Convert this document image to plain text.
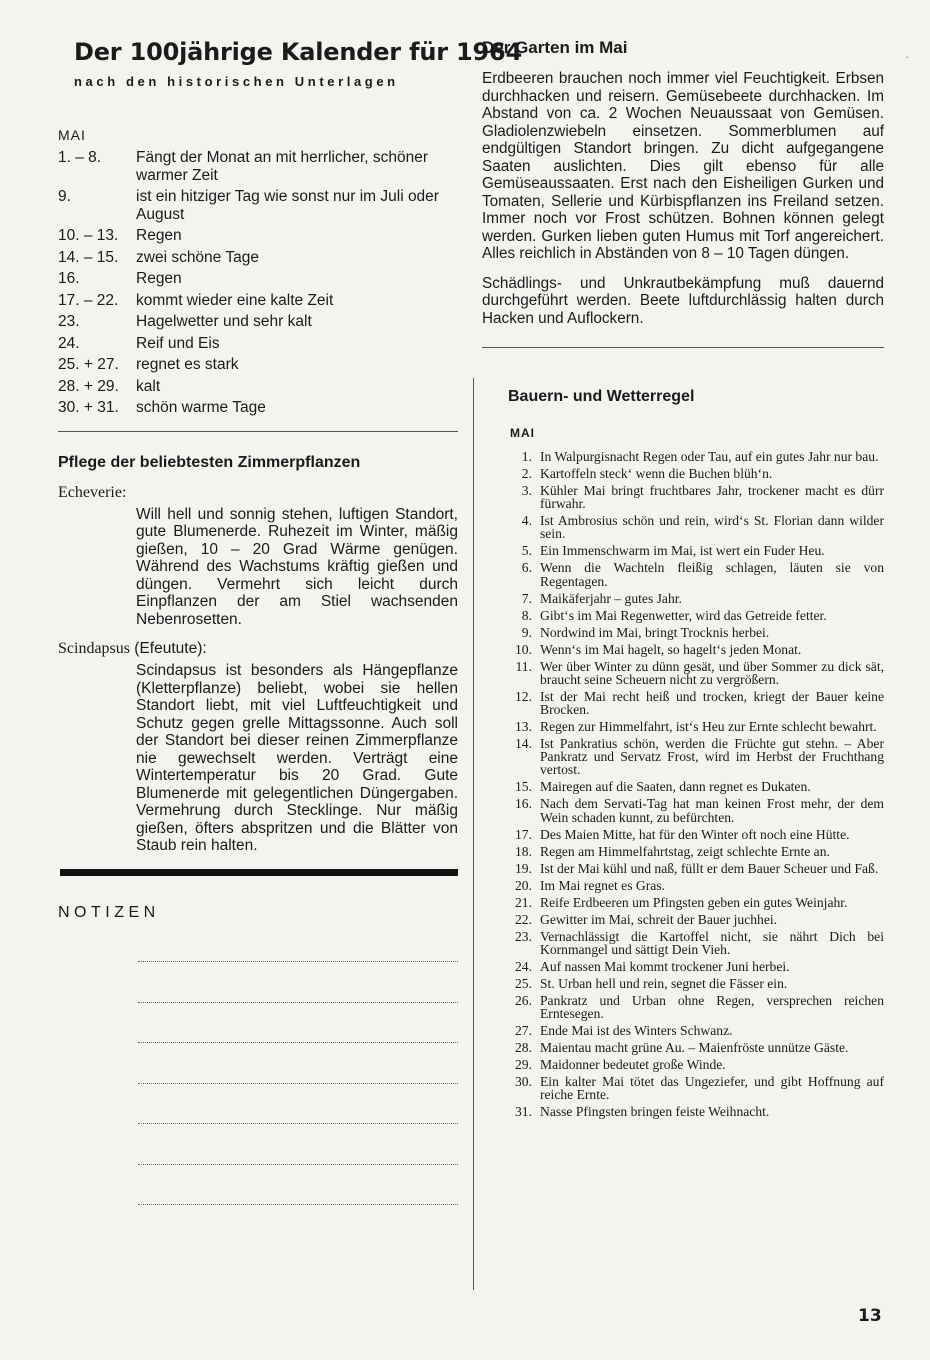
Der 100jährige Kalender für 1964
nach den historischen Unterlagen
MAI
1. – 8.	Fängt der Monat an mit herrlicher, schöner warmer Zeit
9.	ist ein hitziger Tag wie sonst nur im Juli oder August
10. – 13.	Regen
14. – 15.	zwei schöne Tage
16.	Regen
17. – 22.	kommt wieder eine kalte Zeit
23.	Hagelwetter und sehr kalt
24.	Reif und Eis
25. + 27.	regnet es stark
28. + 29.	kalt
30. + 31.	schön warme Tage
Pflege der beliebtesten Zimmerpflanzen
Echeverie:
Will hell und sonnig stehen, luftigen Standort, gute Blumenerde. Ruhezeit im Winter, mäßig gießen, 10 – 20 Grad Wärme genügen. Während des Wachstums kräftig gießen und düngen. Vermehrt sich leicht durch Einpflanzen der am Stiel wachsenden Nebenrosetten.
Scindapsus (Efeutute):
Scindapsus ist besonders als Hängepflanze (Kletterpflanze) beliebt, wobei sie hellen Standort liebt, mit viel Luftfeuchtigkeit und Schutz gegen grelle Mittagssonne. Auch soll der Standort bei dieser reinen Zimmerpflanze nie gewechselt werden. Verträgt eine Wintertemperatur bis 20 Grad. Gute Blumenerde mit gelegentlichen Düngergaben. Vermehrung durch Stecklinge. Nur mäßig gießen, öfters abspritzen und die Blätter von Staub rein halten.
NOTIZEN
Der Garten im Mai

Erdbeeren brauchen noch immer viel Feuchtigkeit. Erbsen durchhacken und reisern. Gemüsebeete durchhacken. Im Abstand von ca. 2 Wochen Neuaussaat von Gemüsen. Gladiolenzwiebeln einsetzen. Sommerblumen auf endgültigen Standort bringen. Zu dicht aufgegangene Saaten auslichten. Dies gilt ebenso für alle Gemüseaussaaten. Erst nach den Eisheiligen Gurken und Tomaten, Sellerie und Kürbispflanzen ins Freiland setzen. Immer noch vor Frost schützen. Bohnen können gelegt werden. Gurken lieben guten Humus mit Torf angereichert. Alles reichlich in Abständen von 8 – 10 Tagen düngen.

Schädlings- und Unkrautbekämpfung muß dauernd durchgeführt werden. Beete luftdurchlässig halten durch Hacken und Auflockern.

Bauern- und Wetterregel
MAI
1. In Walpurgisnacht Regen oder Tau, auf ein gutes Jahr nur bau.
2. Kartoffeln steck‘ wenn die Buchen blüh‘n.
3. Kühler Mai bringt fruchtbares Jahr, trockener macht es dürr fürwahr.
4. Ist Ambrosius schön und rein, wird‘s St. Florian dann wilder sein.
5. Ein Immenschwarm im Mai, ist wert ein Fuder Heu.
6. Wenn die Wachteln fleißig schlagen, läuten sie von Regentagen.
7. Maikäferjahr – gutes Jahr.
8. Gibt‘s im Mai Regenwetter, wird das Getreide fetter.
9. Nordwind im Mai, bringt Trocknis herbei.
10. Wenn‘s im Mai hagelt, so hagelt‘s jeden Monat.
11. Wer über Winter zu dünn gesät, und über Sommer zu dick sät, braucht seine Scheuern nicht zu vergrößern.
12. Ist der Mai recht heiß und trocken, kriegt der Bauer keine Brocken.
13. Regen zur Himmelfahrt, ist‘s Heu zur Ernte schlecht bewahrt.
14. Ist Pankratius schön, werden die Früchte gut stehn. – Aber Pankratz und Servatz Frost, wird im Herbst der Fruchthang vertost.
15. Mairegen auf die Saaten, dann regnet es Dukaten.
16. Nach dem Servati-Tag hat man keinen Frost mehr, der dem Wein schaden kunnt, zu befürchten.
17. Des Maien Mitte, hat für den Winter oft noch eine Hütte.
18. Regen am Himmelfahrtstag, zeigt schlechte Ernte an.
19. Ist der Mai kühl und naß, füllt er dem Bauer Scheuer und Faß.
20. Im Mai regnet es Gras.
21. Reife Erdbeeren um Pfingsten geben ein gutes Weinjahr.
22. Gewitter im Mai, schreit der Bauer juchhei.
23. Vernachlässigt die Kartoffel nicht, sie nährt Dich bei Kornmangel und sättigt Dein Vieh.
24. Auf nassen Mai kommt trockener Juni herbei.
25. St. Urban hell und rein, segnet die Fässer ein.
26. Pankratz und Urban ohne Regen, versprechen reichen Erntesegen.
27. Ende Mai ist des Winters Schwanz.
28. Maientau macht grüne Au. – Maienfröste unnütze Gäste.
29. Maidonner bedeutet große Winde.
30. Ein kalter Mai tötet das Ungeziefer, und gibt Hoffnung auf reiche Ernte.
31. Nasse Pfingsten bringen feiste Weihnacht.
·
13
